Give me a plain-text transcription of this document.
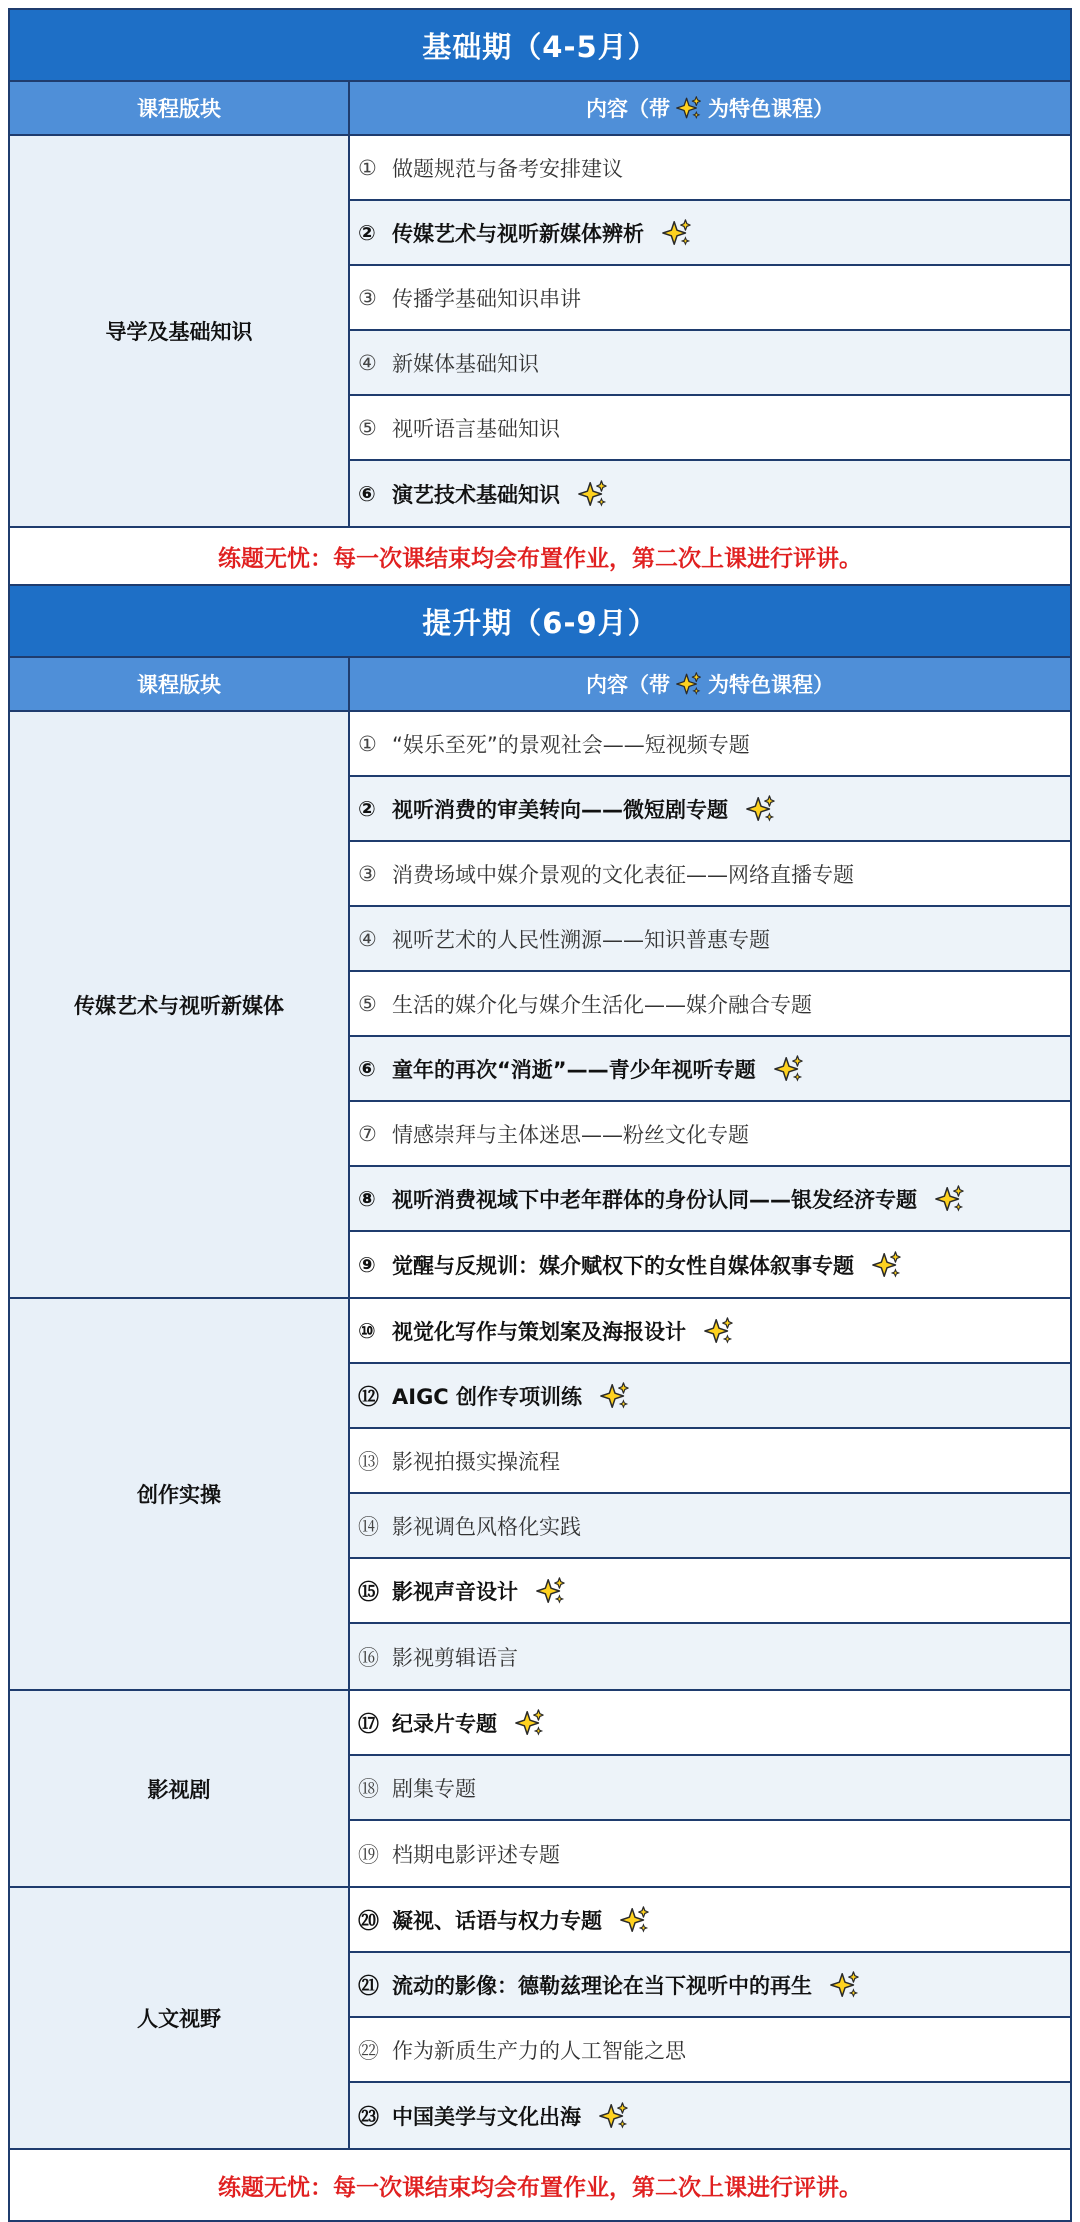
基础期（4-5月）
课程版块	内容（带 为特色课程）
导学及基础知识
① 做题规范与备考安排建议
② 传媒艺术与视听新媒体辨析
③ 传播学基础知识串讲
④ 新媒体基础知识
⑤ 视听语言基础知识
⑥ 演艺技术基础知识
练题无忧：每一次课结束均会布置作业，第二次上课进行评讲。
提升期（6-9月）
课程版块	内容（带 为特色课程）
传媒艺术与视听新媒体
① “娱乐至死”的景观社会——短视频专题
② 视听消费的审美转向——微短剧专题
③ 消费场域中媒介景观的文化表征——网络直播专题
④ 视听艺术的人民性溯源——知识普惠专题
⑤ 生活的媒介化与媒介生活化——媒介融合专题
⑥ 童年的再次“消逝”——青少年视听专题
⑦ 情感崇拜与主体迷思——粉丝文化专题
⑧ 视听消费视域下中老年群体的身份认同——银发经济专题
⑨ 觉醒与反规训：媒介赋权下的女性自媒体叙事专题
创作实操
⑩ 视觉化写作与策划案及海报设计
⑫ AIGC 创作专项训练
⑬ 影视拍摄实操流程
⑭ 影视调色风格化实践
⑮ 影视声音设计
⑯ 影视剪辑语言
影视剧
⑰ 纪录片专题
⑱ 剧集专题
⑲ 档期电影评述专题
人文视野
⑳ 凝视、话语与权力专题
㉑ 流动的影像：德勒兹理论在当下视听中的再生
㉒ 作为新质生产力的人工智能之思
㉓ 中国美学与文化出海
练题无忧：每一次课结束均会布置作业，第二次上课进行评讲。
